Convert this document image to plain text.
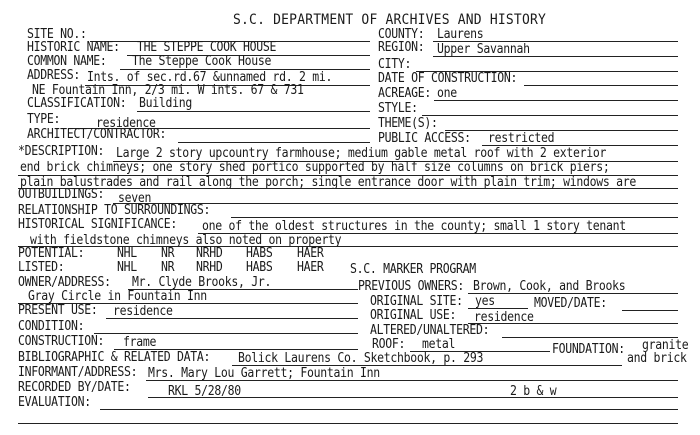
S.C. DEPARTMENT OF ARCHIVES AND HISTORY
SITE NO.:
HISTORIC NAME: THE STEPPE COOK HOUSE
COMMON NAME: The Steppe Cook House
ADDRESS: Ints. of sec.rd.67 &unnamed rd. 2 mi.
NE Fountain Inn, 2/3 mi. W ints. 67 & 731
CLASSIFICATION: Building
TYPE:	residence
ARCHITECT/CONTRACTOR:
COUNTY: Laurens
REGION: Upper Savannah
CITY:
DATE OF CONSTRUCTION:
ACREAGE: one
STYLE:
THEME(S):
PUBLIC ACCESS: restricted
*DESCRIPTION: Large 2 story upcountry farmhouse; medium gable metal roof with 2 exterior
end brick chimneys; one story shed portico supported by half size columns on brick piers;
plain balustrades and rail along the porch; single entrance door with plain trim; windows are
OUTBUILDINGS: seven
RELATIONSHIP TO SURROUNDINGS:
HISTORICAL SIGNIFICANCE: one of the oldest structures in the county; small 1 story tenant
with fieldstone chimneys also noted on property
POTENTIAL:	NHL NR NRHD HABS HAER
LISTED:	NHL NR NRHD HABS HAER S.C. MARKER PROGRAM
OWNER/ADDRESS: Mr. Clyde Brooks, Jr.
Gray Circle in Fountain Inn
PREVIOUS OWNERS: Brown, Cook, and Brooks
PRESENT USE: residence
ORIGINAL SITE: yes	MOVED/DATE:
ORIGINAL USE: residence
CONDITION:	ALTERED/UNALTERED:
CONSTRUCTION: frame	ROOF: metal	FOUNDATION: granite
and brick
BIBLIOGRAPHIC & RELATED DATA: Bolick Laurens Co. Sketchbook, p. 293
INFORMANT/ADDRESS: Mrs. Mary Lou Garrett; Fountain Inn
RECORDED BY/DATE:	RKL 5/28/80	2 b & w
EVALUATION:
